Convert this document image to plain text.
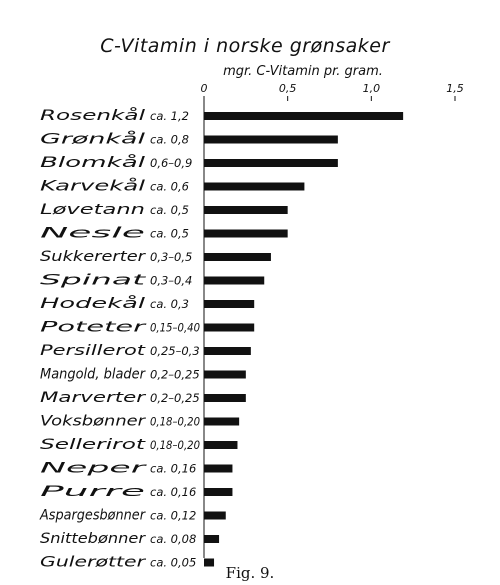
C-Vitamin i norske grønsaker
mgr. C-Vitamin pr. gram.
0	0,5	1,0	1,5
Rosenkål	ca. 1,2
Grønkål	ca. 0,8
Blomkål	0,6–0,9
Karvekål	ca. 0,6
Løvetann ca. 0,5
Nesle ca. 0,5
Sukkererter 0,3–0,5
Spinat 0,3–0,4
Hodekål	ca. 0,3
Poteter 0,15–0,40
Persillerot 0,25–0,3
Mangold, blader 0,2–0,25
Marverter 0,2–0,25
Voksbønner 0,18–0,20
Sellerirot 0,18–0,20
Neper ca. 0,16
Purre ca. 0,16
Aspargesbønner ca. 0,12
Snittebønner ca. 0,08
Gulerøtter ca. 0,05
Fig. 9.
